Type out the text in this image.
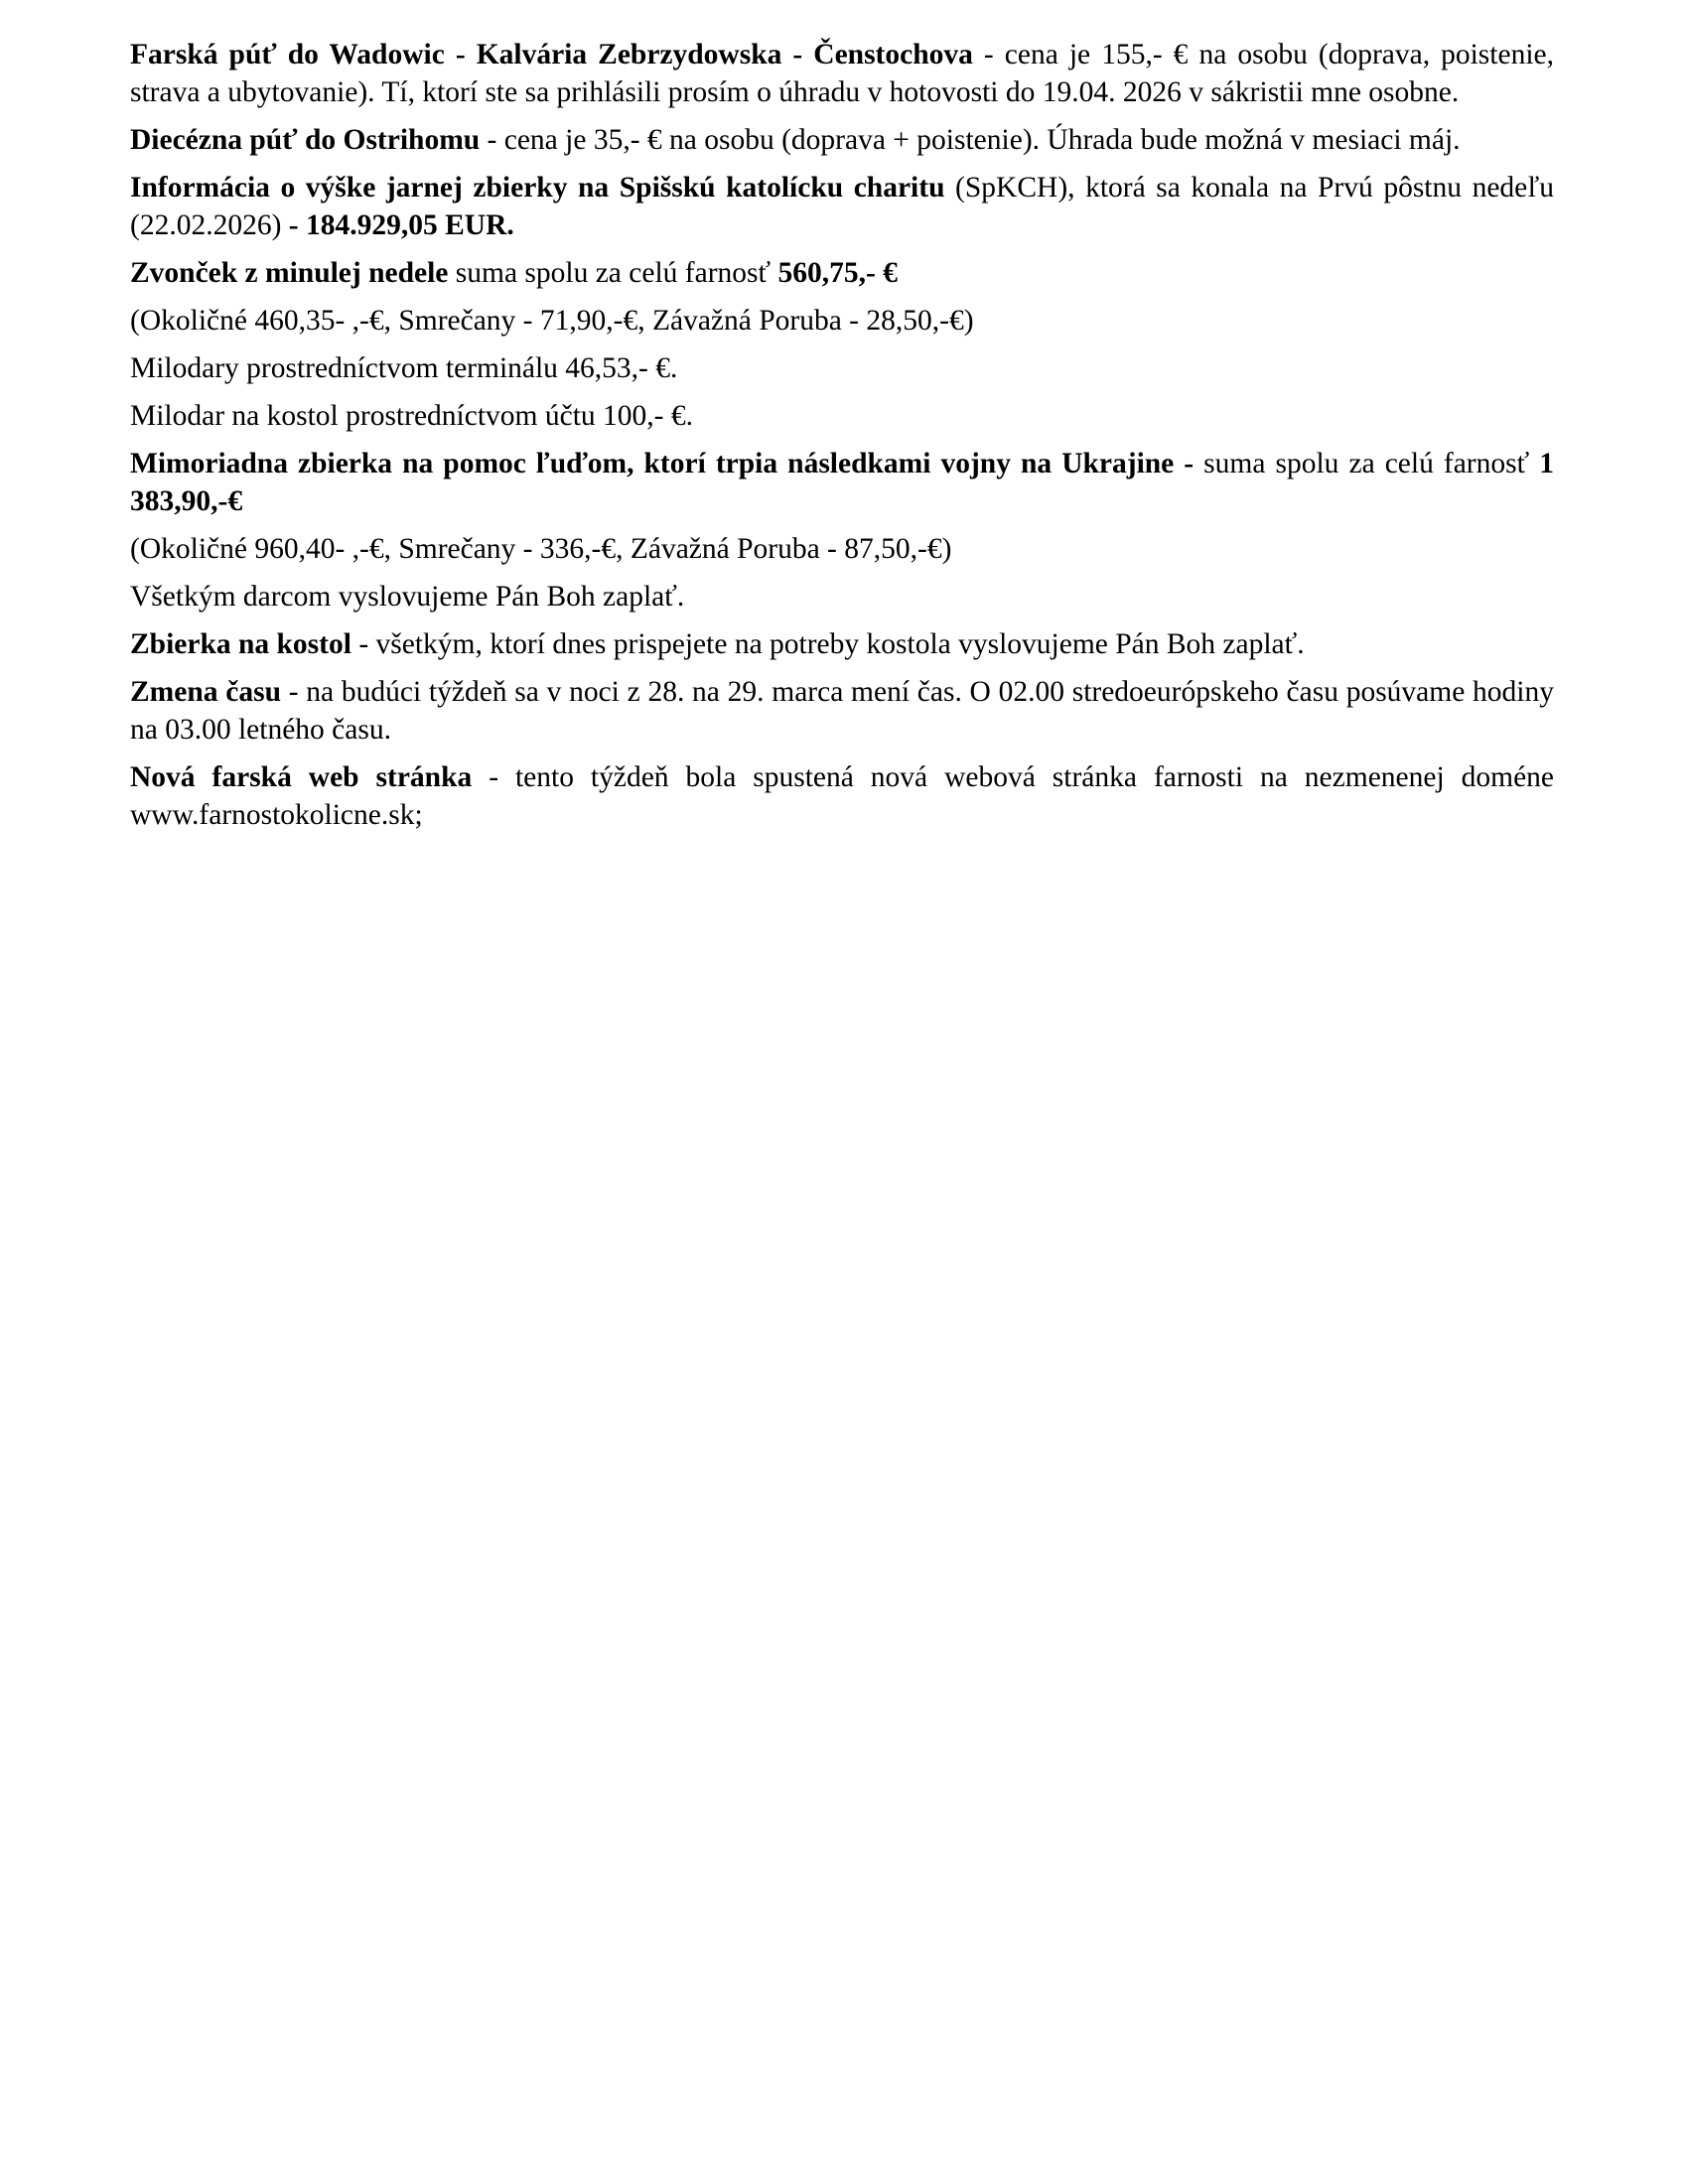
Farská púť do Wadowic - Kalvária Zebrzydowska - Čenstochova - cena je 155,- € na osobu (doprava, poistenie, strava a ubytovanie). Tí, ktorí ste sa prihlásili prosím o úhradu v hotovosti do 19.04. 2026 v sákristii mne osobne.

Diecézna púť do Ostrihomu - cena je 35,- € na osobu (doprava + poistenie). Úhrada bude možná v mesiaci máj.

Informácia o výške jarnej zbierky na Spišskú katolícku charitu (SpKCH), ktorá sa konala na Prvú pôstnu nedeľu (22.02.2026) - 184.929,05 EUR.

Zvonček z minulej nedele suma spolu za celú farnosť 560,75,- €

(Okoličné 460,35- ,-€, Smrečany - 71,90,-€, Závažná Poruba - 28,50,-€)

Milodary prostredníctvom terminálu 46,53,- €.

Milodar na kostol prostredníctvom účtu 100,- €.

Mimoriadna zbierka na pomoc ľuďom, ktorí trpia následkami vojny na Ukrajine - suma spolu za celú farnosť 1 383,90,-€

(Okoličné 960,40- ,-€, Smrečany - 336,-€, Závažná Poruba - 87,50,-€)

Všetkým darcom vyslovujeme Pán Boh zaplať.

Zbierka na kostol - všetkým, ktorí dnes prispejete na potreby kostola vyslovujeme Pán Boh zaplať.

Zmena času - na budúci týždeň sa v noci z 28. na 29. marca mení čas. O 02.00 stredoeurópskeho času posúvame hodiny na 03.00 letného času.

Nová farská web stránka - tento týždeň bola spustená nová webová stránka farnosti na nezmenenej doméne www.farnostokolicne.sk;
